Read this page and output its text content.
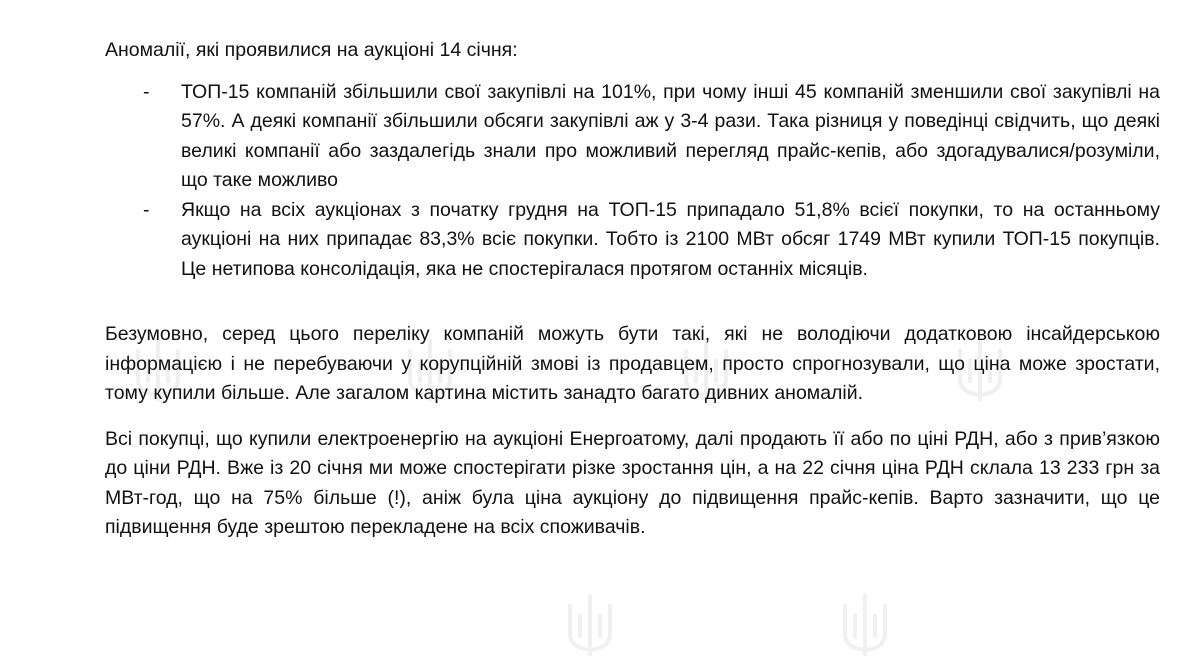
Аномалії, які проявилися на аукціоні 14 січня:

- ТОП-15 компаній збільшили свої закупівлі на 101%, при чому інші 45 компаній зменшили свої закупівлі на 57%. А деякі компанії збільшили обсяги закупівлі аж у 3-4 рази. Така різниця у поведінці свідчить, що деякі великі компанії або заздалегідь знали про можливий перегляд прайс-кепів, або здогадувалися/розуміли, що таке можливо
- Якщо на всіх аукціонах з початку грудня на ТОП-15 припадало 51,8% всієї покупки, то на останньому аукціоні на них припадає 83,3% всіє покупки. Тобто із 2100 МВт обсяг 1749 МВт купили ТОП-15 покупців. Це нетипова консолідація, яка не спостерігалася протягом останніх місяців.

Безумовно, серед цього переліку компаній можуть бути такі, які не володіючи додатковою інсайдерською інформацією і не перебуваючи у корупційній змові із продавцем, просто спрогнозували, що ціна може зростати, тому купили більше. Але загалом картина містить занадто багато дивних аномалій.

Всі покупці, що купили електроенергію на аукціоні Енергоатому, далі продають її або по ціні РДН, або з прив’язкою до ціни РДН. Вже із 20 січня ми може спостерігати різке зростання цін, а на 22 січня ціна РДН склала 13 233 грн за МВт-год, що на 75% більше (!), аніж була ціна аукціону до підвищення прайс-кепів. Варто зазначити, що це підвищення буде зрештою перекладене на всіх споживачів.
